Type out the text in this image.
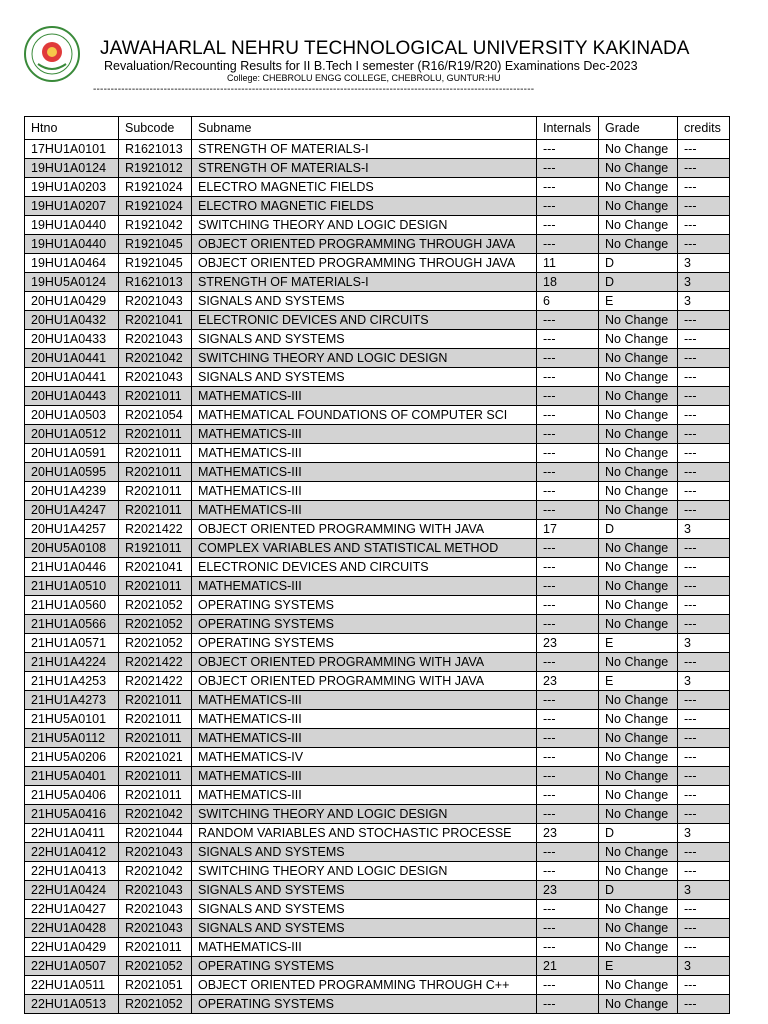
JAWAHARLAL NEHRU TECHNOLOGICAL UNIVERSITY KAKINADA
Revaluation/Recounting Results for II B.Tech I semester (R16/R19/R20) Examinations Dec-2023
College: CHEBROLU ENGG COLLEGE, CHEBROLU, GUNTUR:HU
-----------------------------------------------------------------------------------------------------------------------------
Htno	Subcode	Subname	Internals	Grade	credits
17HU1A0101	R1621013	STRENGTH OF MATERIALS-I	---	No Change	---
19HU1A0124	R1921012	STRENGTH OF MATERIALS-I	---	No Change	---
19HU1A0203	R1921024	ELECTRO MAGNETIC FIELDS	---	No Change	---
19HU1A0207	R1921024	ELECTRO MAGNETIC FIELDS	---	No Change	---
19HU1A0440	R1921042	SWITCHING THEORY AND LOGIC DESIGN	---	No Change	---
19HU1A0440	R1921045	OBJECT ORIENTED PROGRAMMING THROUGH JAVA	---	No Change	---
19HU1A0464	R1921045	OBJECT ORIENTED PROGRAMMING THROUGH JAVA	11	D	3
19HU5A0124	R1621013	STRENGTH OF MATERIALS-I	18	D	3
20HU1A0429	R2021043	SIGNALS AND SYSTEMS	6	E	3
20HU1A0432	R2021041	ELECTRONIC DEVICES AND CIRCUITS	---	No Change	---
20HU1A0433	R2021043	SIGNALS AND SYSTEMS	---	No Change	---
20HU1A0441	R2021042	SWITCHING THEORY AND LOGIC DESIGN	---	No Change	---
20HU1A0441	R2021043	SIGNALS AND SYSTEMS	---	No Change	---
20HU1A0443	R2021011	MATHEMATICS-III	---	No Change	---
20HU1A0503	R2021054	MATHEMATICAL FOUNDATIONS OF COMPUTER SCI	---	No Change	---
20HU1A0512	R2021011	MATHEMATICS-III	---	No Change	---
20HU1A0591	R2021011	MATHEMATICS-III	---	No Change	---
20HU1A0595	R2021011	MATHEMATICS-III	---	No Change	---
20HU1A4239	R2021011	MATHEMATICS-III	---	No Change	---
20HU1A4247	R2021011	MATHEMATICS-III	---	No Change	---
20HU1A4257	R2021422	OBJECT ORIENTED PROGRAMMING WITH JAVA	17	D	3
20HU5A0108	R1921011	COMPLEX VARIABLES AND STATISTICAL METHOD	---	No Change	---
21HU1A0446	R2021041	ELECTRONIC DEVICES AND CIRCUITS	---	No Change	---
21HU1A0510	R2021011	MATHEMATICS-III	---	No Change	---
21HU1A0560	R2021052	OPERATING SYSTEMS	---	No Change	---
21HU1A0566	R2021052	OPERATING SYSTEMS	---	No Change	---
21HU1A0571	R2021052	OPERATING SYSTEMS	23	E	3
21HU1A4224	R2021422	OBJECT ORIENTED PROGRAMMING WITH JAVA	---	No Change	---
21HU1A4253	R2021422	OBJECT ORIENTED PROGRAMMING WITH JAVA	23	E	3
21HU1A4273	R2021011	MATHEMATICS-III	---	No Change	---
21HU5A0101	R2021011	MATHEMATICS-III	---	No Change	---
21HU5A0112	R2021011	MATHEMATICS-III	---	No Change	---
21HU5A0206	R2021021	MATHEMATICS-IV	---	No Change	---
21HU5A0401	R2021011	MATHEMATICS-III	---	No Change	---
21HU5A0406	R2021011	MATHEMATICS-III	---	No Change	---
21HU5A0416	R2021042	SWITCHING THEORY AND LOGIC DESIGN	---	No Change	---
22HU1A0411	R2021044	RANDOM VARIABLES AND STOCHASTIC PROCESSE	23	D	3
22HU1A0412	R2021043	SIGNALS AND SYSTEMS	---	No Change	---
22HU1A0413	R2021042	SWITCHING THEORY AND LOGIC DESIGN	---	No Change	---
22HU1A0424	R2021043	SIGNALS AND SYSTEMS	23	D	3
22HU1A0427	R2021043	SIGNALS AND SYSTEMS	---	No Change	---
22HU1A0428	R2021043	SIGNALS AND SYSTEMS	---	No Change	---
22HU1A0429	R2021011	MATHEMATICS-III	---	No Change	---
22HU1A0507	R2021052	OPERATING SYSTEMS	21	E	3
22HU1A0511	R2021051	OBJECT ORIENTED PROGRAMMING THROUGH C++	---	No Change	---
22HU1A0513	R2021052	OPERATING SYSTEMS	---	No Change	---
